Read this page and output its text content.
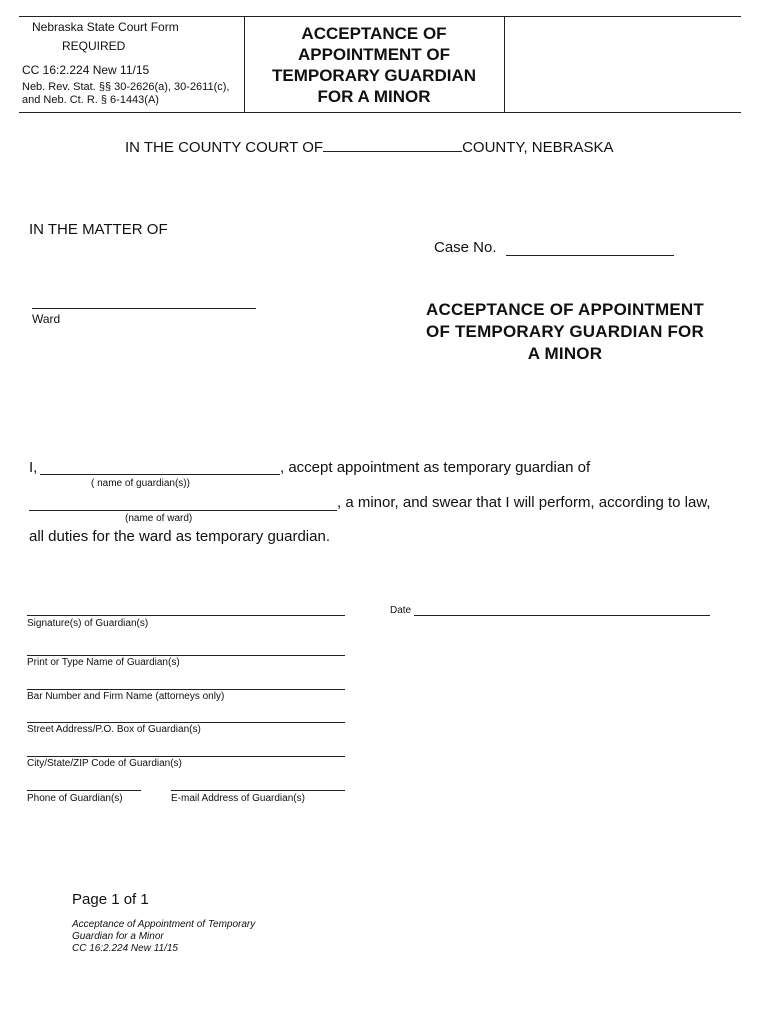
Nebraska State Court Form
REQUIRED
CC 16:2.224 New 11/15
Neb. Rev. Stat. §§ 30-2626(a), 30-2611(c),
and Neb. Ct. R. § 6-1443(A)
ACCEPTANCE OF
APPOINTMENT OF
TEMPORARY GUARDIAN
FOR A MINOR
IN THE COUNTY COURT OF	COUNTY, NEBRASKA
IN THE MATTER OF
Case No.
Ward	ACCEPTANCE OF APPOINTMENT
OF TEMPORARY GUARDIAN FOR
A MINOR
I,	, accept appointment as temporary guardian of
( name of guardian(s))
, a minor, and swear that I will perform, according to law,
(name of ward)
all duties for the ward as temporary guardian.
Signature(s) of Guardian(s)
Date
Print or Type Name of Guardian(s)
Bar Number and Firm Name (attorneys only)
Street Address/P.O. Box of Guardian(s)
City/State/ZIP Code of Guardian(s)
Phone of Guardian(s)	E-mail Address of Guardian(s)
Page 1 of 1
Acceptance of Appointment of Temporary
Guardian for a Minor
CC 16:2.224 New 11/15
